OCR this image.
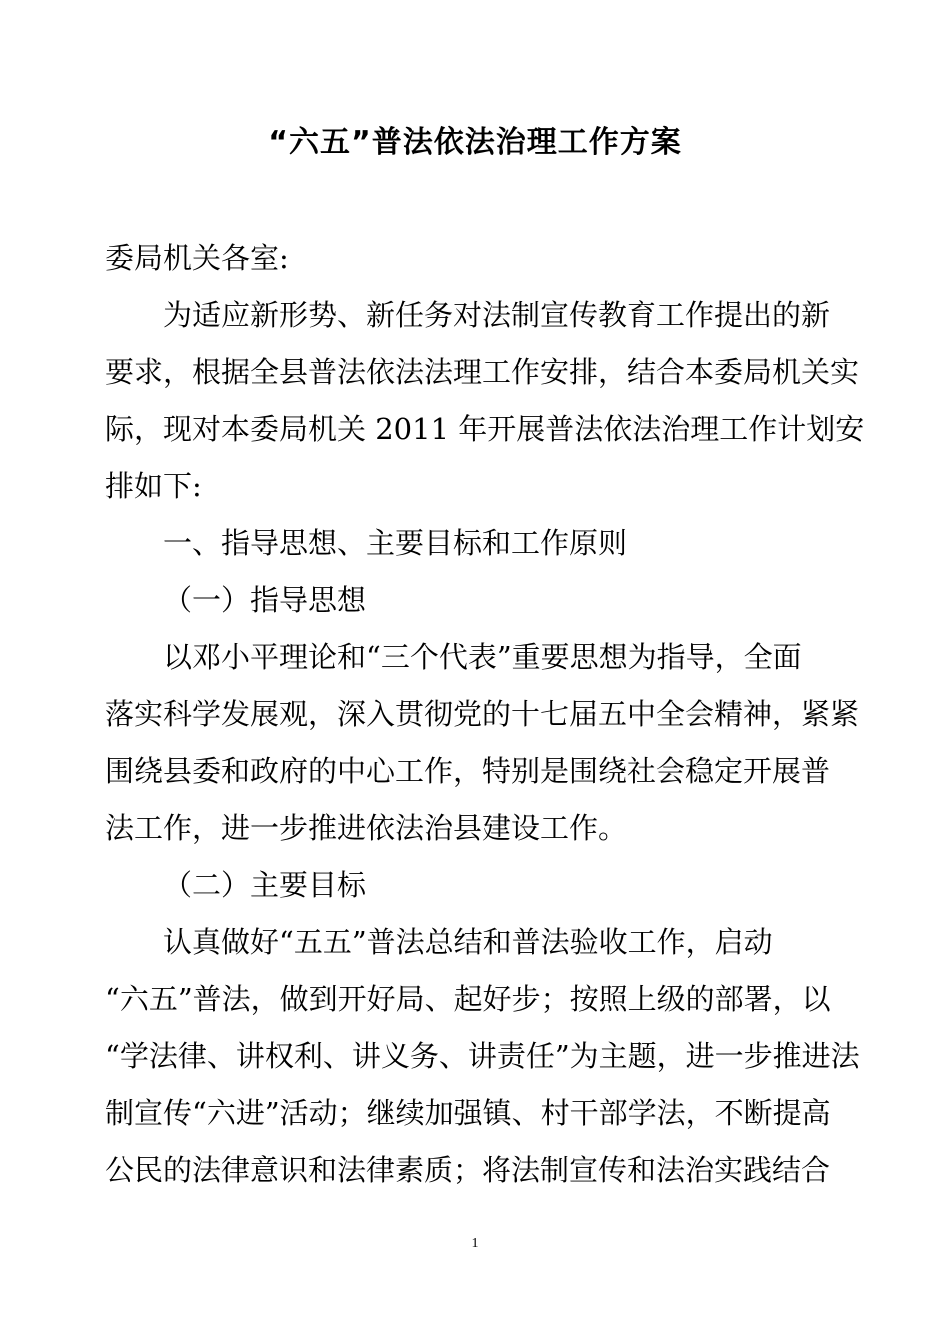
“六五”普法依法治理工作方案
委局机关各室:
为适应新形势、新任务对法制宣传教育工作提出的新
要求，根据全县普法依法法理工作安排，结合本委局机关实
际，现对本委局机关 2011 年开展普法依法治理工作计划安
排如下:
一、指导思想、主要目标和工作原则
（一）指导思想
以邓小平理论和“三个代表”重要思想为指导，全面
落实科学发展观，深入贯彻党的十七届五中全会精神，紧紧
围绕县委和政府的中心工作，特别是围绕社会稳定开展普
法工作，进一步推进依法治县建设工作。
（二）主要目标
认真做好“五五”普法总结和普法验收工作，启动
“六五”普法，做到开好局、起好步；按照上级的部署，以
“学法律、讲权利、讲义务、讲责任”为主题，进一步推进法
制宣传“六进”活动；继续加强镇、村干部学法，不断提高
公民的法律意识和法律素质；将法制宣传和法治实践结合
1
